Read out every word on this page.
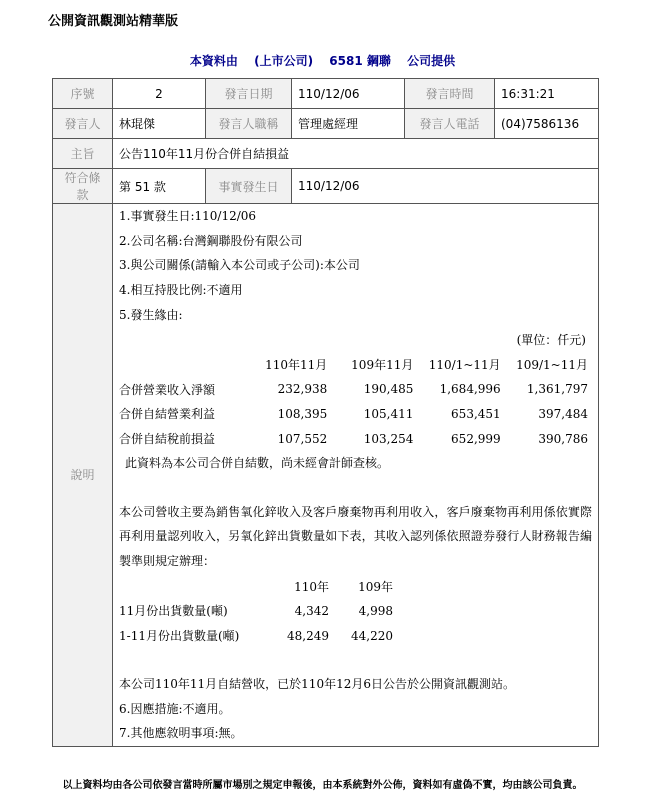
公開資訊觀測站精華版
本資料由 (上市公司) 6581 鋼聯 公司提供
序號	2	發言日期	110/12/06	發言時間	16:31:21
發言人	林琨傑	發言人職稱	管理處經理	發言人電話	(04)7586136
主旨	公告110年11月份合併自結損益
符合條款	第 51 款	事實發生日	110/12/06
說明	
1.事實發生日:110/12/06
2.公司名稱:台灣鋼聯股份有限公司
3.與公司關係(請輸入本公司或子公司):本公司
4.相互持股比例:不適用
5.發生緣由:
(單位：仟元)
	110年11月	109年11月	110/1~11月	109/1~11月
合併營業收入淨額	232,938	190,485	1,684,996	1,361,797
合併自結營業利益	108,395	105,411	653,451	397,484
合併自結稅前損益	107,552	103,254	652,999	390,786
此資料為本公司合併自結數，尚未經會計師查核。
本公司營收主要為銷售氧化鋅收入及客戶廢棄物再利用收入，客戶廢棄物再利用係依實際再利用量認列收入，另氧化鋅出貨數量如下表，其收入認列係依照證券發行人財務報告編製準則規定辦理：
	110年	109年
11月份出貨數量(噸)	4,342	4,998
1-11月份出貨數量(噸)	48,249	44,220
本公司110年11月自結營收，已於110年12月6日公告於公開資訊觀測站。
6.因應措施:不適用。
7.其他應敘明事項:無。
以上資料均由各公司依發言當時所屬市場別之規定申報後，由本系統對外公佈，資料如有虛偽不實，均由該公司負責。
